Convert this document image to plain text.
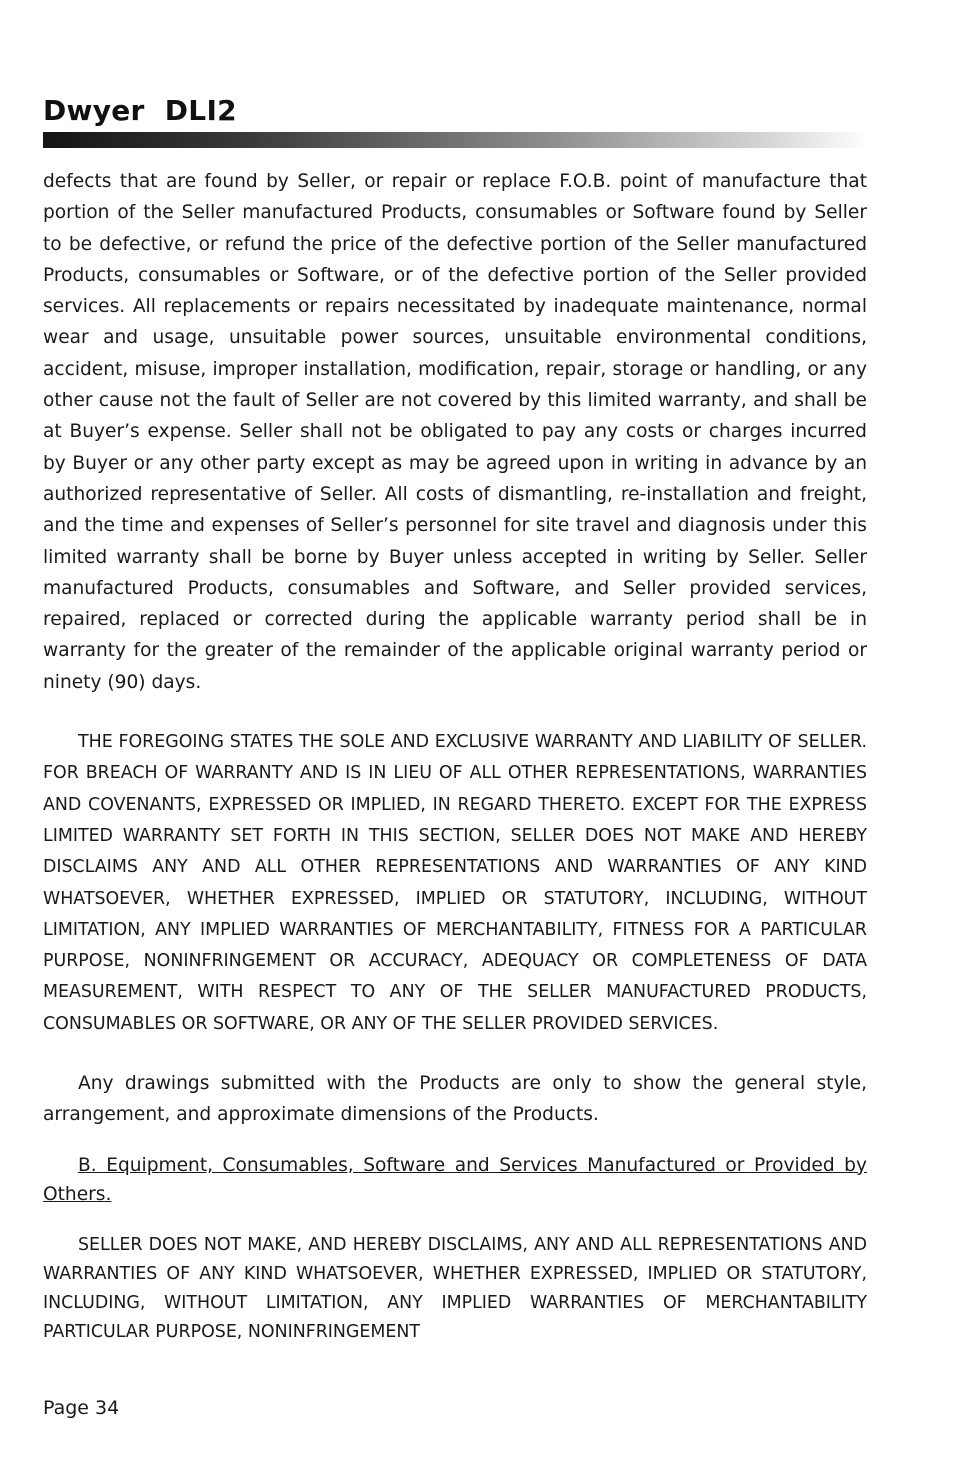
Dwyer  DLI2

defects that are found by Seller, or repair or replace F.O.B. point of manufacture that portion of the Seller manufactured Products, consumables or Software found by Seller to be defective, or refund the price of the defective portion of the Seller manufactured Products, consumables or Software, or of the defective portion of the Seller provided services. All replacements or repairs necessitated by inadequate maintenance, normal wear and usage, unsuitable power sources, unsuitable environmental conditions, accident, misuse, improper installation, modification, repair, storage or handling, or any other cause not the fault of Seller are not covered by this limited warranty, and shall be at Buyer’s expense. Seller shall not be obligated to pay any costs or charges incurred by Buyer or any other party except as may be agreed upon in writing in advance by an authorized representative of Seller. All costs of dismantling, re-installation and freight, and the time and expenses of Seller’s personnel for site travel and diagnosis under this limited warranty shall be borne by Buyer unless accepted in writing by Seller. Seller manufactured Products, consumables and Software, and Seller provided services, repaired, replaced or corrected during the applicable warranty period shall be in warranty for the greater of the remainder of the applicable original warranty period or ninety (90) days.

THE FOREGOING STATES THE SOLE AND EXCLUSIVE WARRANTY AND LIABILITY OF SELLER. FOR BREACH OF WARRANTY AND IS IN LIEU OF ALL OTHER REPRESENTATIONS, WARRANTIES AND COVENANTS, EXPRESSED OR IMPLIED, IN REGARD THERETO. EXCEPT FOR THE EXPRESS LIMITED WARRANTY SET FORTH IN THIS SECTION, SELLER DOES NOT MAKE AND HEREBY DISCLAIMS ANY AND ALL OTHER REPRESENTATIONS AND WARRANTIES OF ANY KIND WHATSOEVER, WHETHER EXPRESSED, IMPLIED OR STATUTORY, INCLUDING, WITHOUT LIMITATION, ANY IMPLIED WARRANTIES OF MERCHANTABILITY, FITNESS FOR A PARTICULAR PURPOSE, NONINFRINGEMENT OR ACCURACY, ADEQUACY OR COMPLETENESS OF DATA MEASUREMENT, WITH RESPECT TO ANY OF THE SELLER MANUFACTURED PRODUCTS, CONSUMABLES OR SOFTWARE, OR ANY OF THE SELLER PROVIDED SERVICES.

Any drawings submitted with the Products are only to show the general style, arrangement, and approximate dimensions of the Products.

B. Equipment, Consumables, Software and Services Manufactured or Provided by Others.

SELLER DOES NOT MAKE, AND HEREBY DISCLAIMS, ANY AND ALL REPRESENTATIONS AND WARRANTIES OF ANY KIND WHATSOEVER, WHETHER EXPRESSED, IMPLIED OR STATUTORY, INCLUDING, WITHOUT LIMITATION, ANY IMPLIED WARRANTIES OF MERCHANTABILITY PARTICULAR PURPOSE, NONINFRINGEMENT

Page 34
